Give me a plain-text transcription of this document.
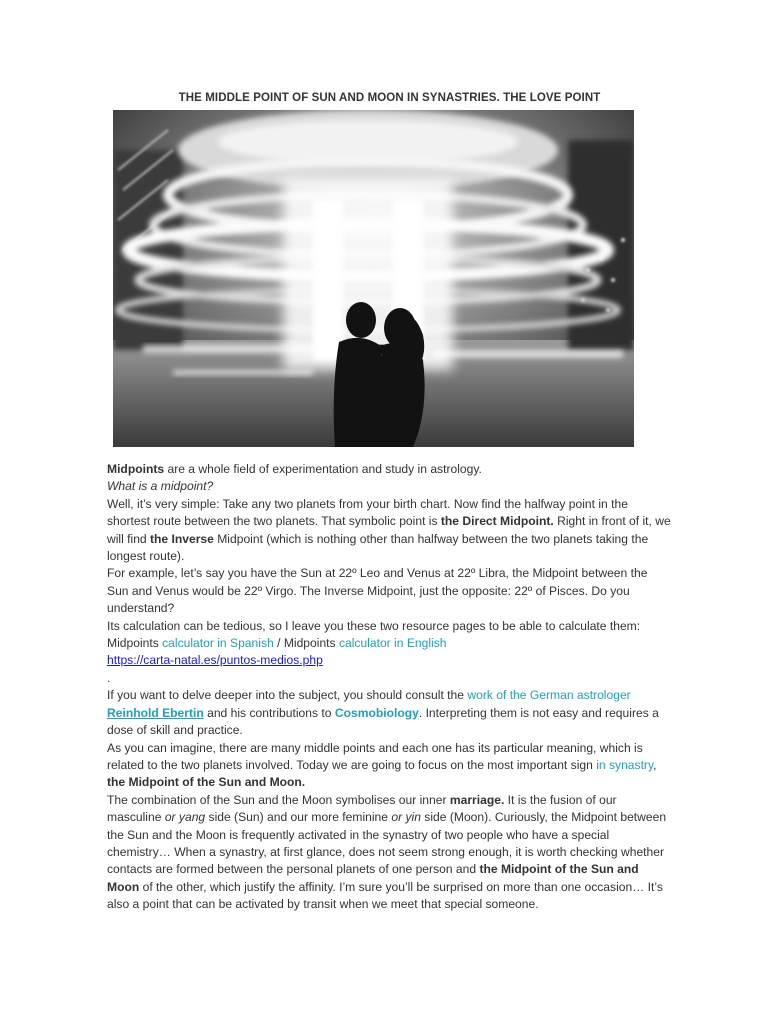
THE MIDDLE POINT OF SUN AND MOON IN SYNASTRIES. THE LOVE POINT

Midpoints are a whole field of experimentation and study in astrology.

What is a midpoint?

Well, it’s very simple: Take any two planets from your birth chart. Now find the halfway point in the shortest route between the two planets. That symbolic point is the Direct Midpoint. Right in front of it, we will find the Inverse Midpoint (which is nothing other than halfway between the two planets taking the longest route).

For example, let’s say you have the Sun at 22º Leo and Venus at 22º Libra, the Midpoint between the Sun and Venus would be 22º Virgo. The Inverse Midpoint, just the opposite: 22º of Pisces. Do you understand?

Its calculation can be tedious, so I leave you these two resource pages to be able to calculate them: Midpoints calculator in Spanish / Midpoints calculator in English

https://carta-natal.es/puntos-medios.php

.

If you want to delve deeper into the subject, you should consult the work of the German astrologer Reinhold Ebertin and his contributions to Cosmobiology. Interpreting them is not easy and requires a dose of skill and practice.

As you can imagine, there are many middle points and each one has its particular meaning, which is related to the two planets involved. Today we are going to focus on the most important sign in synastry, the Midpoint of the Sun and Moon.

The combination of the Sun and the Moon symbolises our inner marriage. It is the fusion of our masculine or yang side (Sun) and our more feminine or yin side (Moon). Curiously, the Midpoint between the Sun and the Moon is frequently activated in the synastry of two people who have a special chemistry… When a synastry, at first glance, does not seem strong enough, it is worth checking whether contacts are formed between the personal planets of one person and the Midpoint of the Sun and Moon of the other, which justify the affinity. I’m sure you’ll be surprised on more than one occasion… It’s also a point that can be activated by transit when we meet that special someone.
